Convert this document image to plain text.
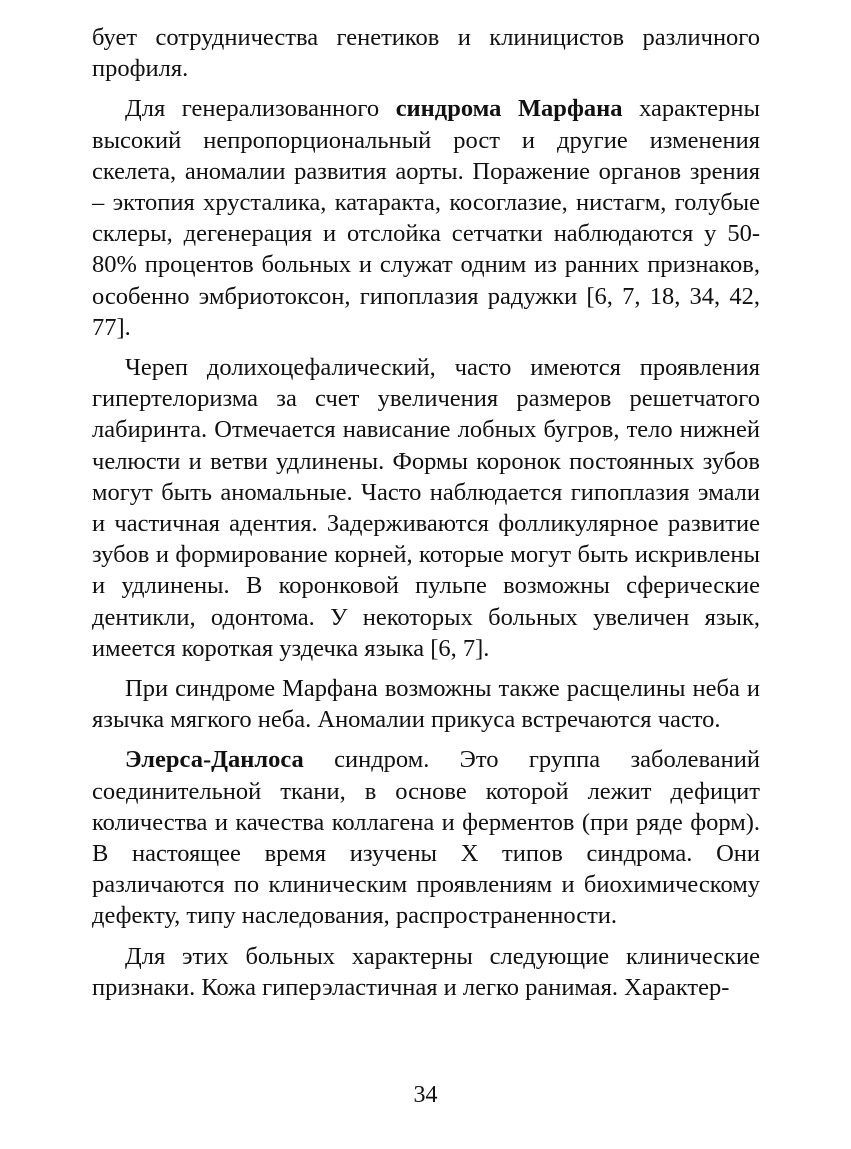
бует сотрудничества генетиков и клиницистов различного профиля.

Для генерализованного синдрома Марфана характерны высокий непропорциональный рост и другие изменения скелета, аномалии развития аорты. Поражение органов зрения – эктопия хрусталика, катаракта, косоглазие, нистагм, голубые склеры, дегенерация и отслойка сетчатки наблюдаются у 50-80% процентов больных и служат одним из ранних признаков, особенно эмбриотоксон, гипоплазия радужки [6, 7, 18, 34, 42, 77].

Череп долихоцефалический, часто имеются проявления гипертелоризма за счет увеличения размеров решетчатого лабиринта. Отмечается нависание лобных бугров, тело нижней челюсти и ветви удлинены. Формы коронок постоянных зубов могут быть аномальные. Часто наблюдается гипоплазия эмали и частичная адентия. Задерживаются фолликулярное развитие зубов и формирование корней, которые могут быть искривлены и удлинены. В коронковой пульпе возможны сферические дентикли, одонтома. У некоторых больных увеличен язык, имеется короткая уздечка языка [6, 7].

При синдроме Марфана возможны также расщелины неба и язычка мягкого неба. Аномалии прикуса встречаются часто.

Элерса-Данлоса синдром. Это группа заболеваний соединительной ткани, в основе которой лежит дефицит количества и качества коллагена и ферментов (при ряде форм). В настоящее время изучены X типов синдрома. Они различаются по клиническим проявлениям и биохимическому дефекту, типу наследования, распространенности.

Для этих больных характерны следующие клинические признаки. Кожа гиперэластичная и легко ранимая. Характер-

34
